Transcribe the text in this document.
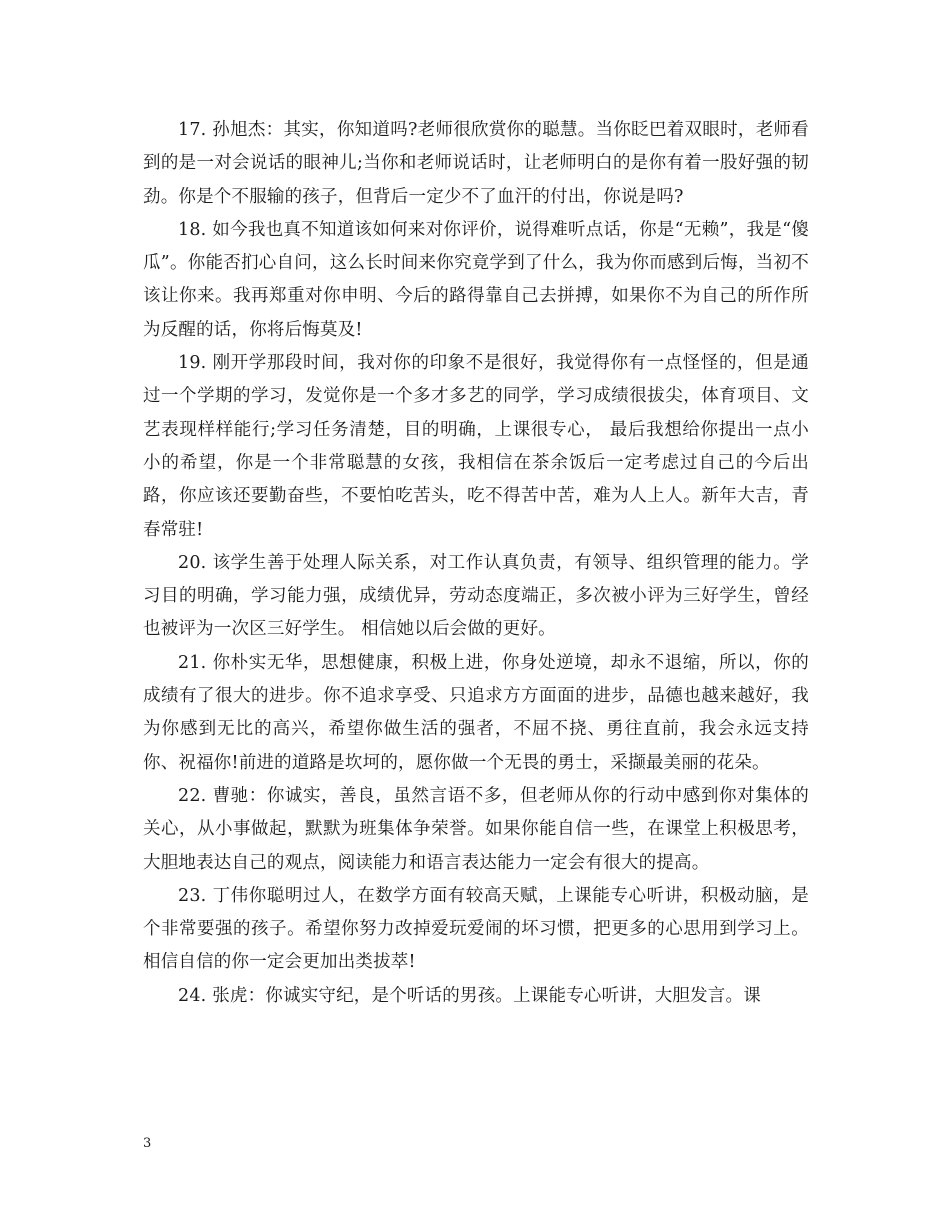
17. 孙旭杰：其实，你知道吗?老师很欣赏你的聪慧。当你眨巴着双眼时，老师看到的是一对会说话的眼神儿;当你和老师说话时，让老师明白的是你有着一股好强的韧劲。你是个不服输的孩子，但背后一定少不了血汗的付出，你说是吗?

18. 如今我也真不知道该如何来对你评价，说得难听点话，你是“无赖”，我是“傻瓜”。你能否扪心自问，这么长时间来你究竟学到了什么，我为你而感到后悔，当初不该让你来。我再郑重对你申明、今后的路得靠自己去拼搏，如果你不为自己的所作所为反醒的话，你将后悔莫及!

19. 刚开学那段时间，我对你的印象不是很好，我觉得你有一点怪怪的，但是通过一个学期的学习，发觉你是一个多才多艺的同学，学习成绩很拔尖，体育项目、文艺表现样样能行;学习任务清楚，目的明确，上课很专心， 最后我想给你提出一点小小的希望，你是一个非常聪慧的女孩，我相信在茶余饭后一定考虑过自己的今后出路，你应该还要勤奋些，不要怕吃苦头，吃不得苦中苦，难为人上人。新年大吉，青春常驻!

20. 该学生善于处理人际关系，对工作认真负责，有领导、组织管理的能力。学习目的明确，学习能力强，成绩优异，劳动态度端正，多次被小评为三好学生，曾经也被评为一次区三好学生。 相信她以后会做的更好。

21. 你朴实无华，思想健康，积极上进，你身处逆境，却永不退缩，所以，你的成绩有了很大的进步。你不追求享受、只追求方方面面的进步，品德也越来越好，我为你感到无比的高兴，希望你做生活的强者，不屈不挠、勇往直前，我会永远支持你、祝福你!前进的道路是坎坷的，愿你做一个无畏的勇士，采撷最美丽的花朵。

22. 曹驰：你诚实，善良，虽然言语不多，但老师从你的行动中感到你对集体的关心，从小事做起，默默为班集体争荣誉。如果你能自信一些，在课堂上积极思考，大胆地表达自己的观点，阅读能力和语言表达能力一定会有很大的提高。

23. 丁伟你聪明过人，在数学方面有较高天赋，上课能专心听讲，积极动脑，是个非常要强的孩子。希望你努力改掉爱玩爱闹的坏习惯，把更多的心思用到学习上。相信自信的你一定会更加出类拔萃!

24. 张虎：你诚实守纪，是个听话的男孩。上课能专心听讲，大胆发言。课

3
